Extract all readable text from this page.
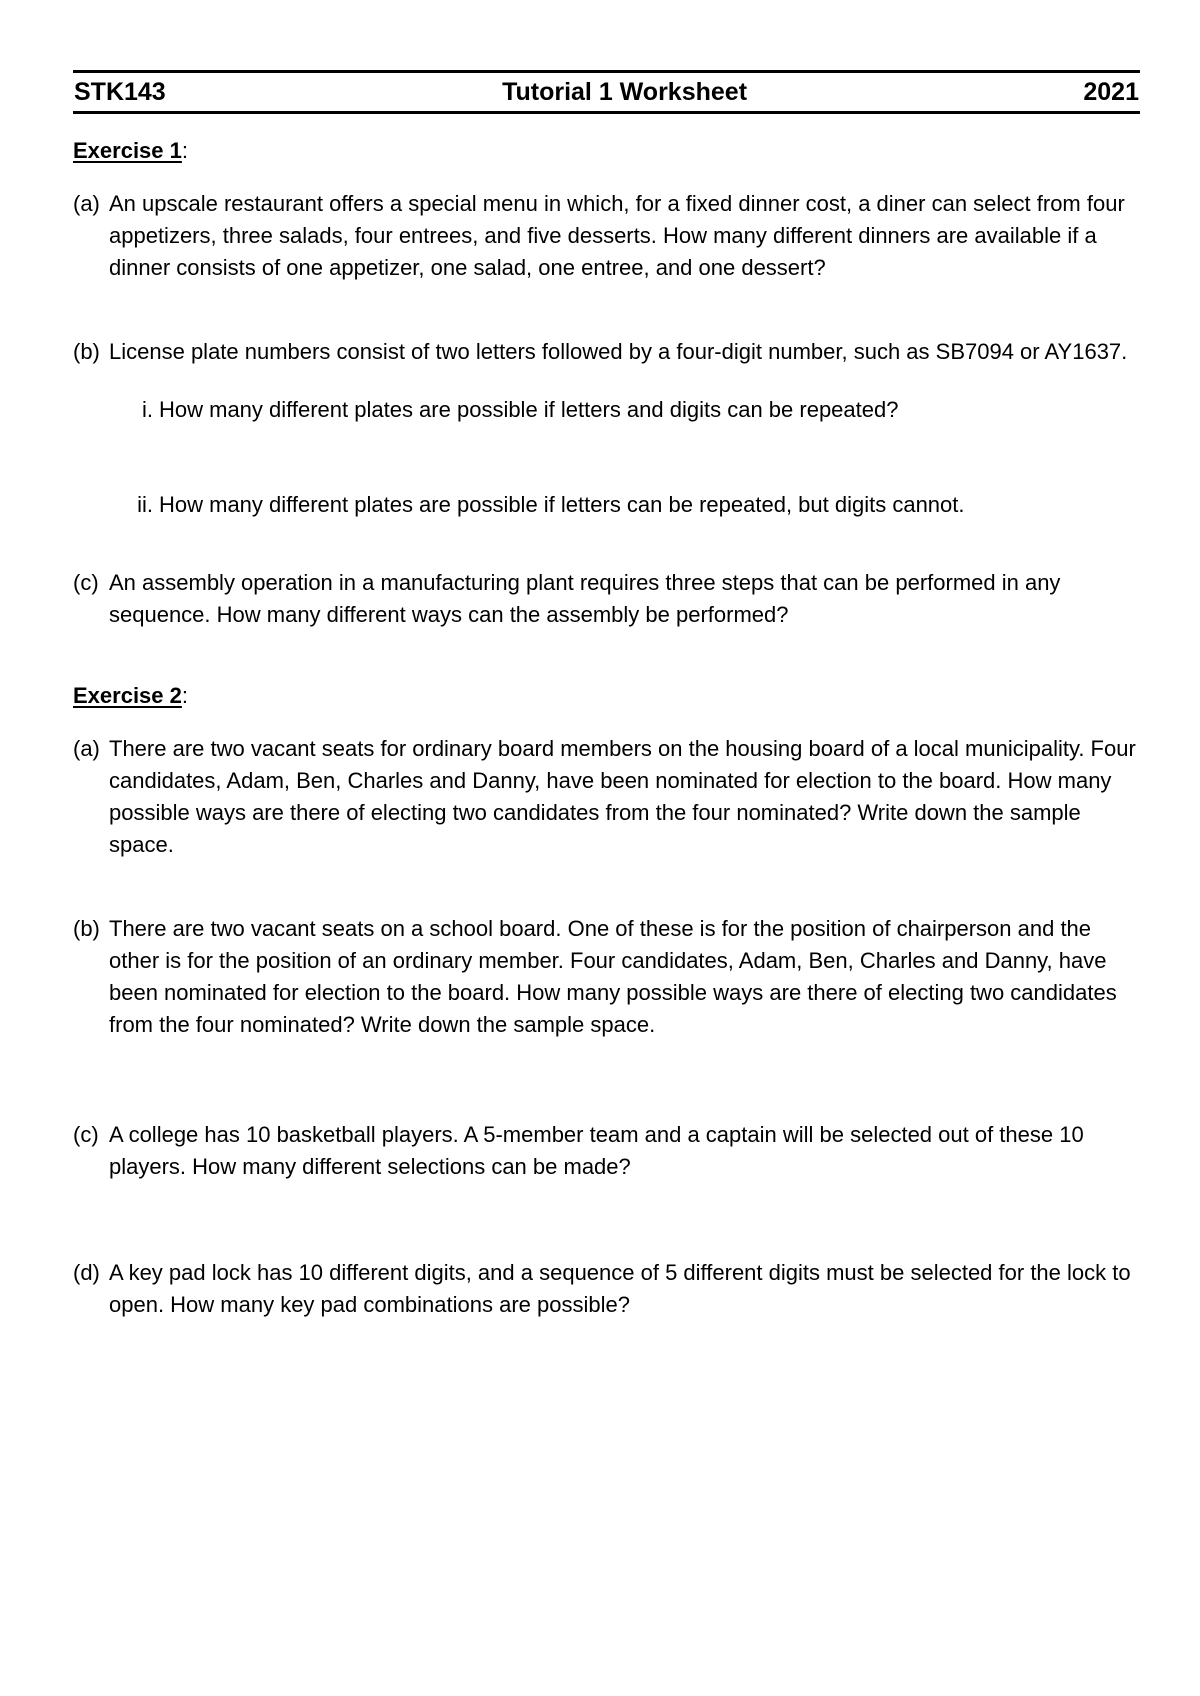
STK143	Tutorial 1 Worksheet	2021
Exercise 1:
(a) An upscale restaurant offers a special menu in which, for a fixed dinner cost, a diner can select from four appetizers, three salads, four entrees, and five desserts. How many different dinners are available if a dinner consists of one appetizer, one salad, one entree, and one dessert?
(b) License plate numbers consist of two letters followed by a four-digit number, such as SB7094 or AY1637.
i. How many different plates are possible if letters and digits can be repeated?
ii. How many different plates are possible if letters can be repeated, but digits cannot.
(c) An assembly operation in a manufacturing plant requires three steps that can be performed in any sequence. How many different ways can the assembly be performed?
Exercise 2:
(a) There are two vacant seats for ordinary board members on the housing board of a local municipality. Four candidates, Adam, Ben, Charles and Danny, have been nominated for election to the board. How many possible ways are there of electing two candidates from the four nominated? Write down the sample space.
(b) There are two vacant seats on a school board. One of these is for the position of chairperson and the other is for the position of an ordinary member. Four candidates, Adam, Ben, Charles and Danny, have been nominated for election to the board. How many possible ways are there of electing two candidates from the four nominated? Write down the sample space.
(c) A college has 10 basketball players. A 5-member team and a captain will be selected out of these 10 players. How many different selections can be made?
(d) A key pad lock has 10 different digits, and a sequence of 5 different digits must be selected for the lock to open. How many key pad combinations are possible?
